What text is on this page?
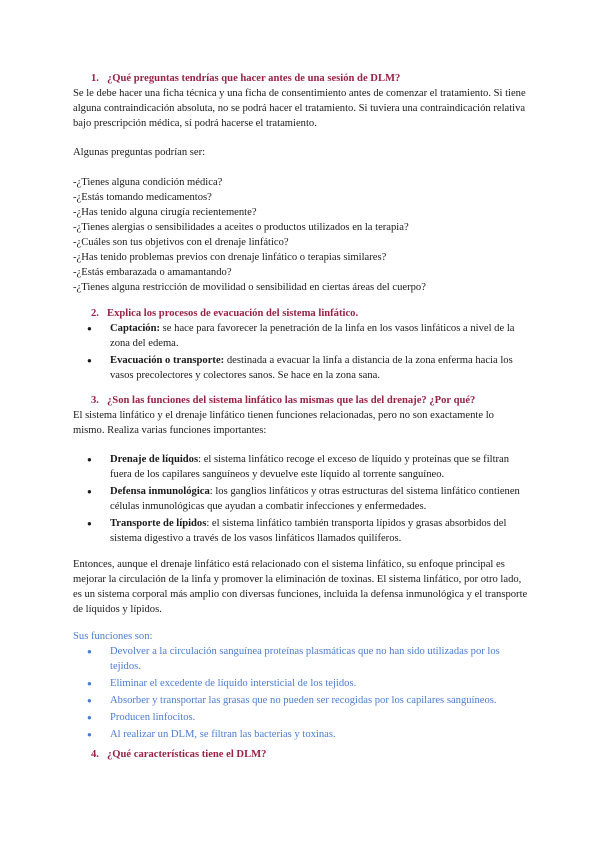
1. ¿Qué preguntas tendrías que hacer antes de una sesión de DLM?

Se le debe hacer una ficha técnica y una ficha de consentimiento antes de comenzar el tratamiento. Si tiene alguna contraindicación absoluta, no se podrá hacer el tratamiento. Si tuviera una contraindicación relativa bajo prescripción médica, sí podrá hacerse el tratamiento.

Algunas preguntas podrían ser:

-¿Tienes alguna condición médica?

-¿Estás tomando medicamentos?

-¿Has tenido alguna cirugía recientemente?

-¿Tienes alergias o sensibilidades a aceites o productos utilizados en la terapia?

-¿Cuáles son tus objetivos con el drenaje linfático?

-¿Has tenido problemas previos con drenaje linfático o terapias similares?

-¿Estás embarazada o amamantando?

-¿Tienes alguna restricción de movilidad o sensibilidad en ciertas áreas del cuerpo?

2. Explica los procesos de evacuación del sistema linfático.

● Captación: se hace para favorecer la penetración de la linfa en los vasos linfáticos a nivel de la zona del edema.
● Evacuación o transporte: destinada a evacuar la linfa a distancia de la zona enferma hacia los vasos precolectores y colectores sanos. Se hace en la zona sana.

3. ¿Son las funciones del sistema linfático las mismas que las del drenaje? ¿Por qué?

El sistema linfático y el drenaje linfático tienen funciones relacionadas, pero no son exactamente lo mismo. Realiza varias funciones importantes:

● Drenaje de líquidos: el sistema linfático recoge el exceso de líquido y proteínas que se filtran fuera de los capilares sanguíneos y devuelve este líquido al torrente sanguíneo.
● Defensa inmunológica: los ganglios linfáticos y otras estructuras del sistema linfático contienen células inmunológicas que ayudan a combatir infecciones y enfermedades.
● Transporte de lípidos: el sistema linfático también transporta lípidos y grasas absorbidos del sistema digestivo a través de los vasos linfáticos llamados quilíferos.

Entonces, aunque el drenaje linfático está relacionado con el sistema linfático, su enfoque principal es mejorar la circulación de la linfa y promover la eliminación de toxinas. El sistema linfático, por otro lado, es un sistema corporal más amplio con diversas funciones, incluida la defensa inmunológica y el transporte de líquidos y lípidos.

Sus funciones son:

● Devolver a la circulación sanguínea proteínas plasmáticas que no han sido utilizadas por los tejidos.
● Eliminar el excedente de líquido intersticial de los tejidos.
● Absorber y transportar las grasas que no pueden ser recogidas por los capilares sanguíneos.
● Producen linfocitos.
● Al realizar un DLM, se filtran las bacterias y toxinas.

4. ¿Qué características tiene el DLM?
